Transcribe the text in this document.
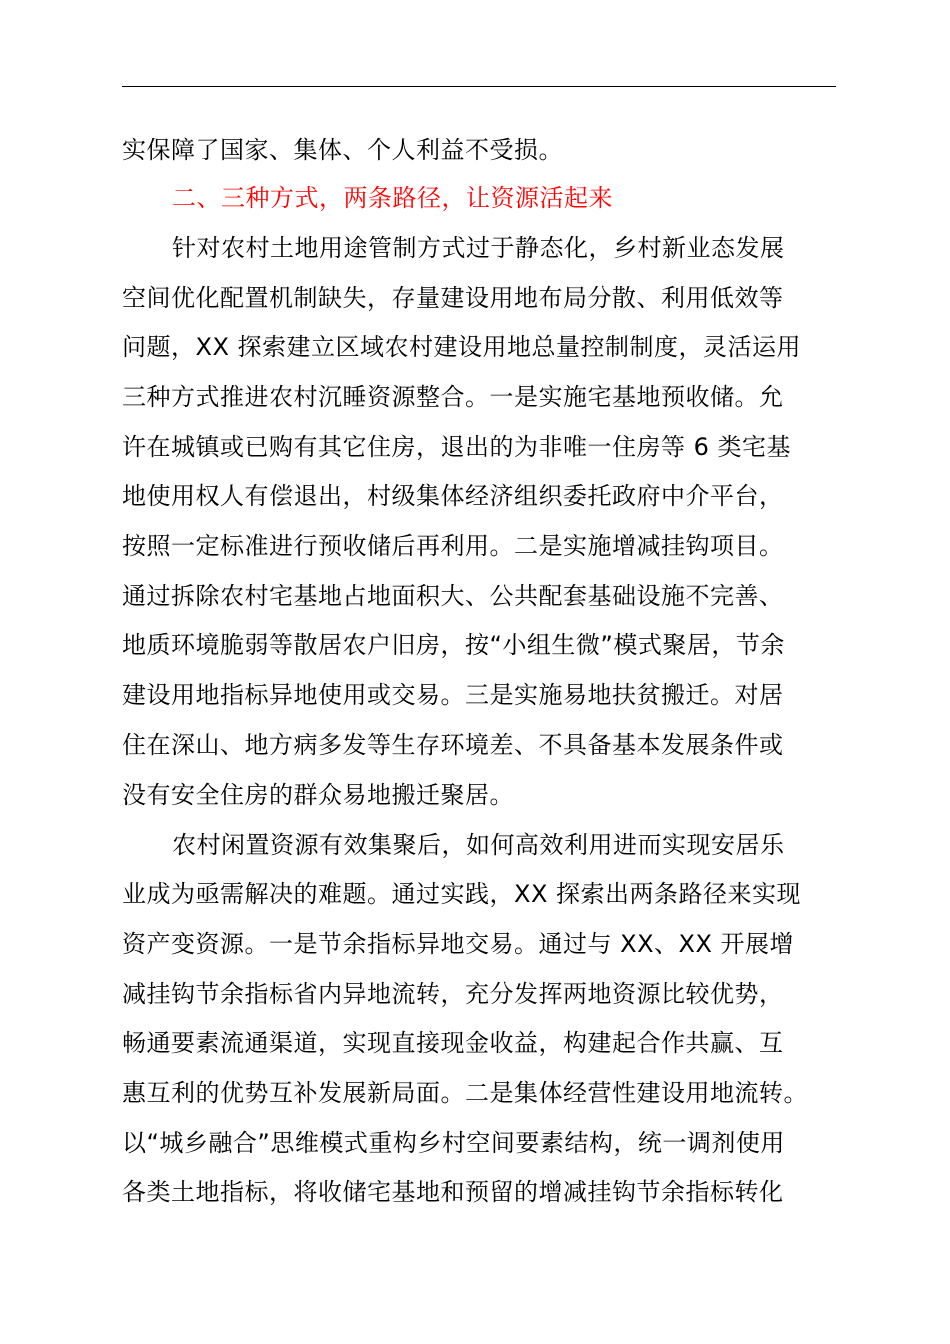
实保障了国家、集体、个人利益不受损。
二、三种方式，两条路径，让资源活起来
针对农村土地用途管制方式过于静态化，乡村新业态发展
空间优化配置机制缺失，存量建设用地布局分散、利用低效等
问题，XX 探索建立区域农村建设用地总量控制制度，灵活运用
三种方式推进农村沉睡资源整合。一是实施宅基地预收储。允
许在城镇或已购有其它住房，退出的为非唯一住房等 6 类宅基
地使用权人有偿退出，村级集体经济组织委托政府中介平台，
按照一定标准进行预收储后再利用。二是实施增减挂钩项目。
通过拆除农村宅基地占地面积大、公共配套基础设施不完善、
地质环境脆弱等散居农户旧房，按“小组生微”模式聚居，节余
建设用地指标异地使用或交易。三是实施易地扶贫搬迁。对居
住在深山、地方病多发等生存环境差、不具备基本发展条件或
没有安全住房的群众易地搬迁聚居。
农村闲置资源有效集聚后，如何高效利用进而实现安居乐
业成为亟需解决的难题。通过实践，XX 探索出两条路径来实现
资产变资源。一是节余指标异地交易。通过与 XX、XX 开展增
减挂钩节余指标省内异地流转，充分发挥两地资源比较优势，
畅通要素流通渠道，实现直接现金收益，构建起合作共赢、互
惠互利的优势互补发展新局面。二是集体经营性建设用地流转。
以“城乡融合”思维模式重构乡村空间要素结构，统一调剂使用
各类土地指标，将收储宅基地和预留的增减挂钩节余指标转化
